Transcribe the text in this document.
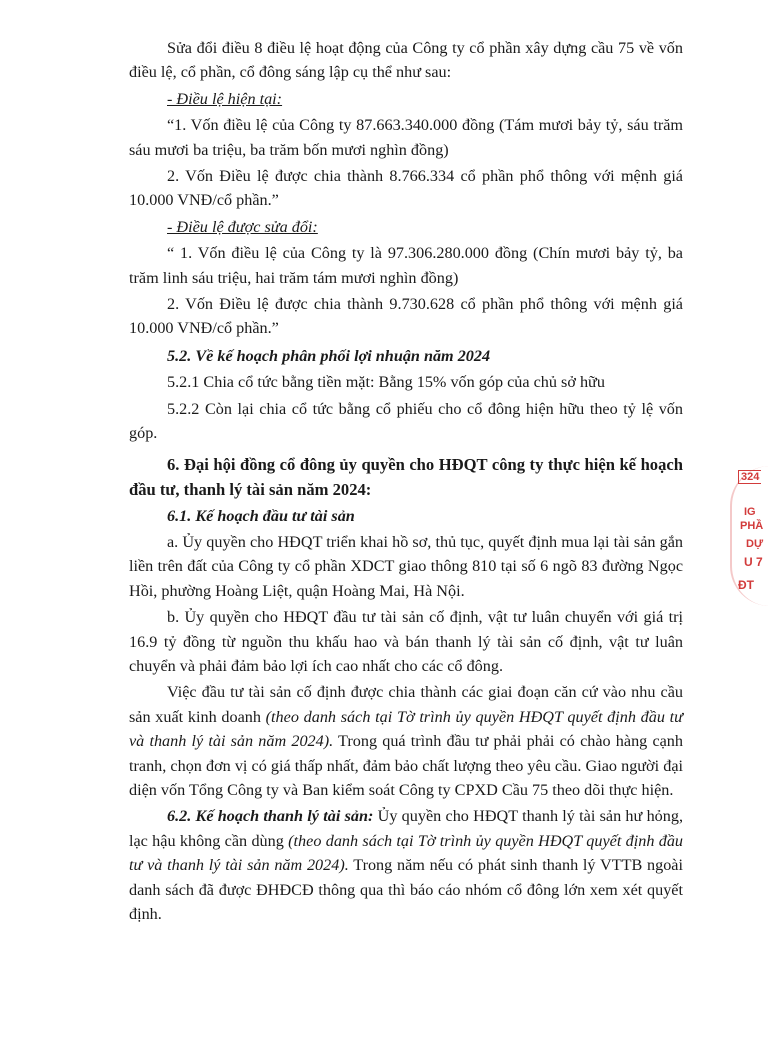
Sửa đổi điều 8 điều lệ hoạt động của Công ty cổ phần xây dựng cầu 75 về vốn điều lệ, cổ phần, cổ đông sáng lập cụ thể như sau:

- Điều lệ hiện tại:

“1. Vốn điều lệ của Công ty 87.663.340.000 đồng (Tám mươi bảy tỷ, sáu trăm sáu mươi ba triệu, ba trăm bốn mươi nghìn đồng)

2. Vốn Điều lệ được chia thành 8.766.334 cổ phần phổ thông với mệnh giá 10.000 VNĐ/cổ phần.”

- Điều lệ được sửa đổi:

“ 1. Vốn điều lệ của Công ty là 97.306.280.000 đồng (Chín mươi bảy tỷ, ba trăm linh sáu triệu, hai trăm tám mươi nghìn đồng)

2. Vốn Điều lệ được chia thành 9.730.628 cổ phần phổ thông với mệnh giá 10.000 VNĐ/cổ phần.”

5.2. Về kế hoạch phân phối lợi nhuận năm 2024

5.2.1 Chia cổ tức bằng tiền mặt: Bằng 15% vốn góp của chủ sở hữu

5.2.2 Còn lại chia cổ tức bằng cổ phiếu cho cổ đông hiện hữu theo tỷ lệ vốn góp.

6. Đại hội đồng cổ đông ủy quyền cho HĐQT công ty thực hiện kế hoạch đầu tư, thanh lý tài sản năm 2024:

6.1. Kế hoạch đầu tư tài sản

a. Ủy quyền cho HĐQT triển khai hồ sơ, thủ tục, quyết định mua lại tài sản gắn liền trên đất của Công ty cổ phần XDCT giao thông 810 tại số 6 ngõ 83 đường Ngọc Hồi, phường Hoàng Liệt, quận Hoàng Mai, Hà Nội.

b. Ủy quyền cho HĐQT đầu tư tài sản cố định, vật tư luân chuyển với giá trị 16.9 tỷ đồng từ nguồn thu khấu hao và bán thanh lý tài sản cố định, vật tư luân chuyển và phải đảm bảo lợi ích cao nhất cho các cổ đông.

Việc đầu tư tài sản cố định được chia thành các giai đoạn căn cứ vào nhu cầu sản xuất kinh doanh (theo danh sách tại Tờ trình ủy quyền HĐQT quyết định đầu tư và thanh lý tài sản năm 2024). Trong quá trình đầu tư phải phải có chào hàng cạnh tranh, chọn đơn vị có giá thấp nhất, đảm bảo chất lượng theo yêu cầu. Giao người đại diện vốn Tổng Công ty và Ban kiểm soát Công ty CPXD Cầu 75 theo dõi thực hiện.

6.2. Kế hoạch thanh lý tài sản: Ủy quyền cho HĐQT thanh lý tài sản hư hỏng, lạc hậu không cần dùng (theo danh sách tại Tờ trình ủy quyền HĐQT quyết định đầu tư và thanh lý tài sản năm 2024). Trong năm nếu có phát sinh thanh lý VTTB ngoài danh sách đã được ĐHĐCĐ thông qua thì báo cáo nhóm cổ đông lớn xem xét quyết định.

324
IG
PHẦ
DỰ
U 7
ĐT
